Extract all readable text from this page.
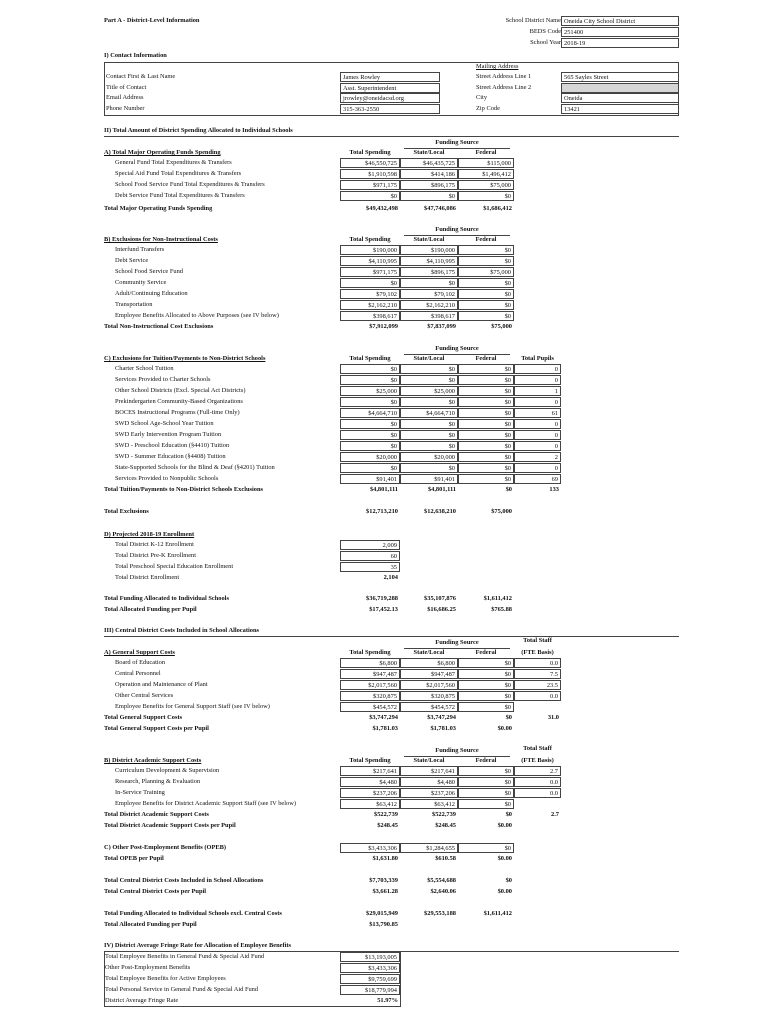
Part A - District-Level Information	School District Name Oneida City School District
BEDS Code 251400
School Year 2018-19
I) Contact Information
Mailing Address
Contact First & Last Name	James Rowley	Street Address Line 1	565 Sayles Street
Title of Contact	Asst. Superintendent	Street Address Line 2
Email Address	jrowley@oneidacsd.org	City	Oneida
Phone Number	315-363-2550	Zip Code	13421
II) Total Amount of District Spending Allocated to Individual Schools
Funding Source
Total Spending	State/Local	Federal
A) Total Major Operating Funds Spending
General Fund Total Expenditures & Transfers	$46,550,725	$46,435,725	$115,000
Special Aid Fund Total Expenditures & Transfers	$1,910,598	$414,186	$1,496,412
School Food Service Fund Total Expenditures & Transfers	$971,175	$896,175	$75,000
Debt Service Fund Total Expenditures & Transfers	$0	$0	$0
Total Major Operating Funds Spending	$49,432,498	$47,746,086	$1,686,412
Funding Source
Total Spending	State/Local	Federal
B) Exclusions for Non-Instructional Costs
Interfund Transfers	$190,000	$190,000	$0
Debt Service	$4,110,995	$4,110,995	$0
School Food Service Fund	$971,175	$896,175	$75,000
Community Service	$0	$0	$0
Adult/Continuing Education	$79,102	$79,102	$0
Transportation	$2,162,210	$2,162,210	$0
Employee Benefits Allocated to Above Purposes (see IV below)	$398,617	$398,617	$0
Total Non-Instructional Cost Exclusions	$7,912,099	$7,837,099	$75,000
Funding Source
Total Spending	State/Local	Federal	Total Pupils
C) Exclusions for Tuition/Payments to Non-District Schools
Charter School Tuition	$0	$0	$0	0
Services Provided to Charter Schools	$0	$0	$0	0
Other School Districts (Excl. Special Act Districts)	$25,000	$25,000	$0	1
Prekindergarten Community-Based Organizations	$0	$0	$0	0
BOCES Instructional Programs (Full-time Only)	$4,664,710	$4,664,710	$0	61
SWD School Age-School Year Tuition	$0	$0	$0	0
SWD Early Intervention Program Tuition	$0	$0	$0	0
SWD - Preschool Education (§4410) Tuition	$0	$0	$0	0
SWD - Summer Education (§4408) Tuition	$20,000	$20,000	$0	2
State-Supported Schools for the Blind & Deaf (§4201) Tuition	$0	$0	$0	0
Services Provided to Nonpublic Schools	$91,401	$91,401	$0	69
Total Tuition/Payments to Non-District Schools Exclusions	$4,801,111	$4,801,111	$0	133
Total Exclusions	$12,713,210	$12,638,210	$75,000
D) Projected 2018-19 Enrollment
Total District K-12 Enrollment	2,009
Total District Pre-K Enrollment	60
Total Preschool Special Education Enrollment	35
Total District Enrollment	2,104
Total Funding Allocated to Individual Schools	$36,719,288	$35,107,876	$1,611,412
Total Allocated Funding per Pupil	$17,452.13	$16,686.25	$765.88
III) Central District Costs Included in School Allocations
Funding Source	Total Staff
Total Spending	State/Local	Federal	(FTE Basis)
A) General Support Costs
Board of Education	$6,800	$6,800	$0	0.0
Central Personnel	$947,487	$947,487	$0	7.5
Operation and Maintenance of Plant	$2,017,560	$2,017,560	$0	23.5
Other Central Services	$320,875	$320,875	$0	0.0
Employee Benefits for General Support Staff (see IV below)	$454,572	$454,572	$0
Total General Support Costs	$3,747,294	$3,747,294	$0	31.0
Total General Support Costs per Pupil	$1,781.03	$1,781.03	$0.00
Funding Source	Total Staff
Total Spending	State/Local	Federal	(FTE Basis)
B) District Academic Support Costs
Curriculum Development & Supervision	$217,641	$217,641	$0	2.7
Research, Planning & Evaluation	$4,480	$4,480	$0	0.0
In-Service Training	$237,206	$237,206	$0	0.0
Employee Benefits for District Academic Support Staff (see IV below)	$63,412	$63,412	$0
Total District Academic Support Costs	$522,739	$522,739	$0	2.7
Total District Academic Support Costs per Pupil	$248.45	$248.45	$0.00
C) Other Post-Employment Benefits (OPEB)	$3,433,306	$1,284,655	$0
Total OPEB per Pupil	$1,631.80	$610.58	$0.00
Total Central District Costs Included in School Allocations	$7,703,339	$5,554,688	$0
Total Central District Costs per Pupil	$3,661.28	$2,640.06	$0.00
Total Funding Allocated to Individual Schools excl. Central Costs	$29,015,949	$29,553,188	$1,611,412
Total Allocated Funding per Pupil	$13,790.85
IV) District Average Fringe Rate for Allocation of Employee Benefits
Total Employee Benefits in General Fund & Special Aid Fund	$13,193,005
Other Post-Employment Benefits	$3,433,306
Total Employee Benefits for Active Employees	$9,759,699
Total Personal Service in General Fund & Special Aid Fund	$18,779,994
District Average Fringe Rate	51.97%
